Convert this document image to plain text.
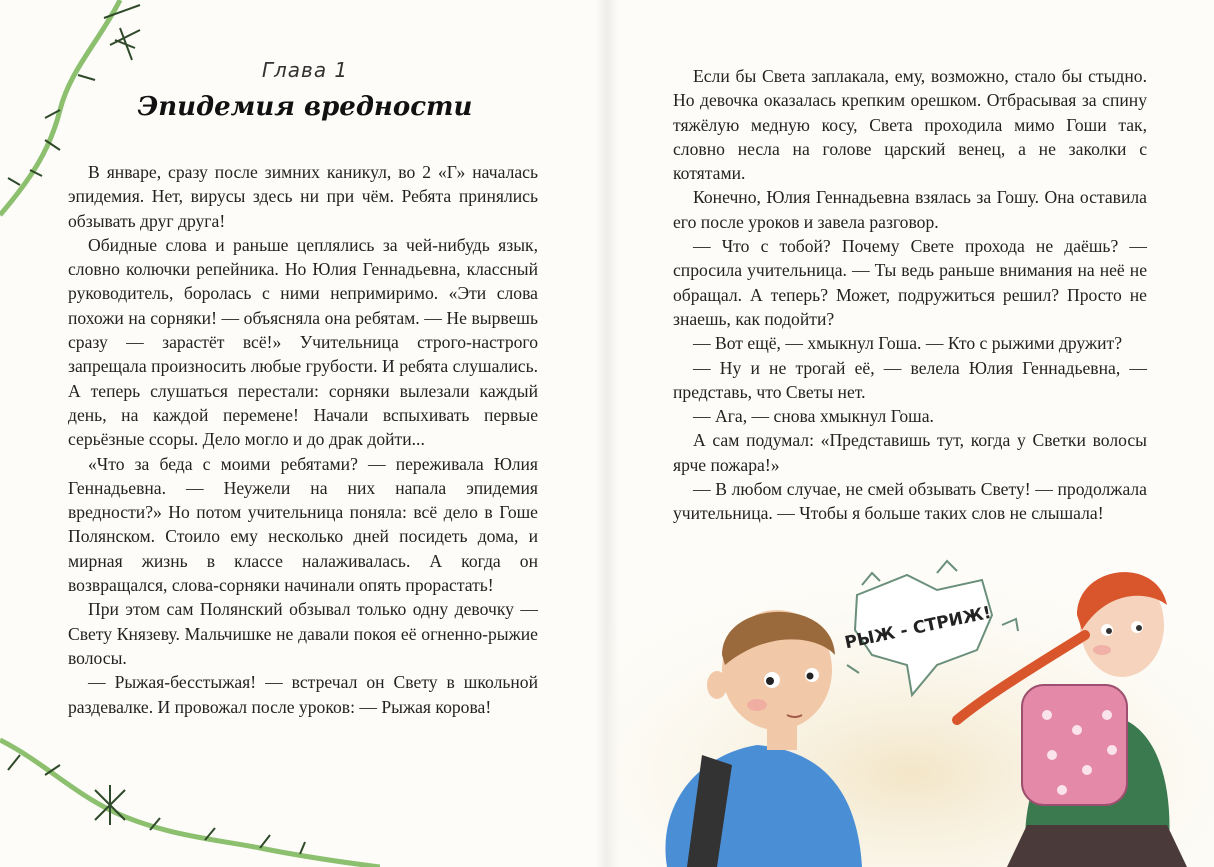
Глава 1
Эпидемия вредности

В январе, сразу после зимних каникул, во 2 «Г» началась эпидемия. Нет, вирусы здесь ни при чём. Ребята принялись обзывать друг друга!

Обидные слова и раньше цеплялись за чей-нибудь язык, словно колючки репейника. Но Юлия Геннадьевна, классный руководитель, боролась с ними непримиримо. «Эти слова похожи на сорняки! — объясняла она ребятам. — Не вырвешь сразу — зарастёт всё!» Учительница строго-настрого запрещала произносить любые грубости. И ребята слушались. А теперь слушаться перестали: сорняки вылезали каждый день, на каждой перемене! Начали вспыхивать первые серьёзные ссоры. Дело могло и до драк дойти...

«Что за беда с моими ребятами? — переживала Юлия Геннадьевна. — Неужели на них напала эпидемия вредности?» Но потом учительница поняла: всё дело в Гоше Полянском. Стоило ему несколько дней посидеть дома, и мирная жизнь в классе налаживалась. А когда он возвращался, слова-сорняки начинали опять прорастать!

При этом сам Полянский обзывал только одну девочку — Свету Князеву. Мальчишке не давали покоя её огненно-рыжие волосы.

— Рыжая-бесстыжая! — встречал он Свету в школьной раздевалке. И провожал после уроков: — Рыжая корова!

Если бы Света заплакала, ему, возможно, стало бы стыдно. Но девочка оказалась крепким орешком. Отбрасывая за спину тяжёлую медную косу, Света проходила мимо Гоши так, словно несла на голове царский венец, а не заколки с котятами.

Конечно, Юлия Геннадьевна взялась за Гошу. Она оставила его после уроков и завела разговор.

— Что с тобой? Почему Свете прохода не даёшь? — спросила учительница. — Ты ведь раньше внимания на неё не обращал. А теперь? Может, подружиться решил? Просто не знаешь, как подойти?

— Вот ещё, — хмыкнул Гоша. — Кто с рыжими дружит?

— Ну и не трогай её, — велела Юлия Геннадьевна, — представь, что Светы нет.

— Ага, — снова хмыкнул Гоша.

А сам подумал: «Представишь тут, когда у Светки волосы ярче пожара!»

— В любом случае, не смей обзывать Свету! — продолжала учительница. — Чтобы я больше таких слов не слышала!

РЫЖ - СТРИЖ!
